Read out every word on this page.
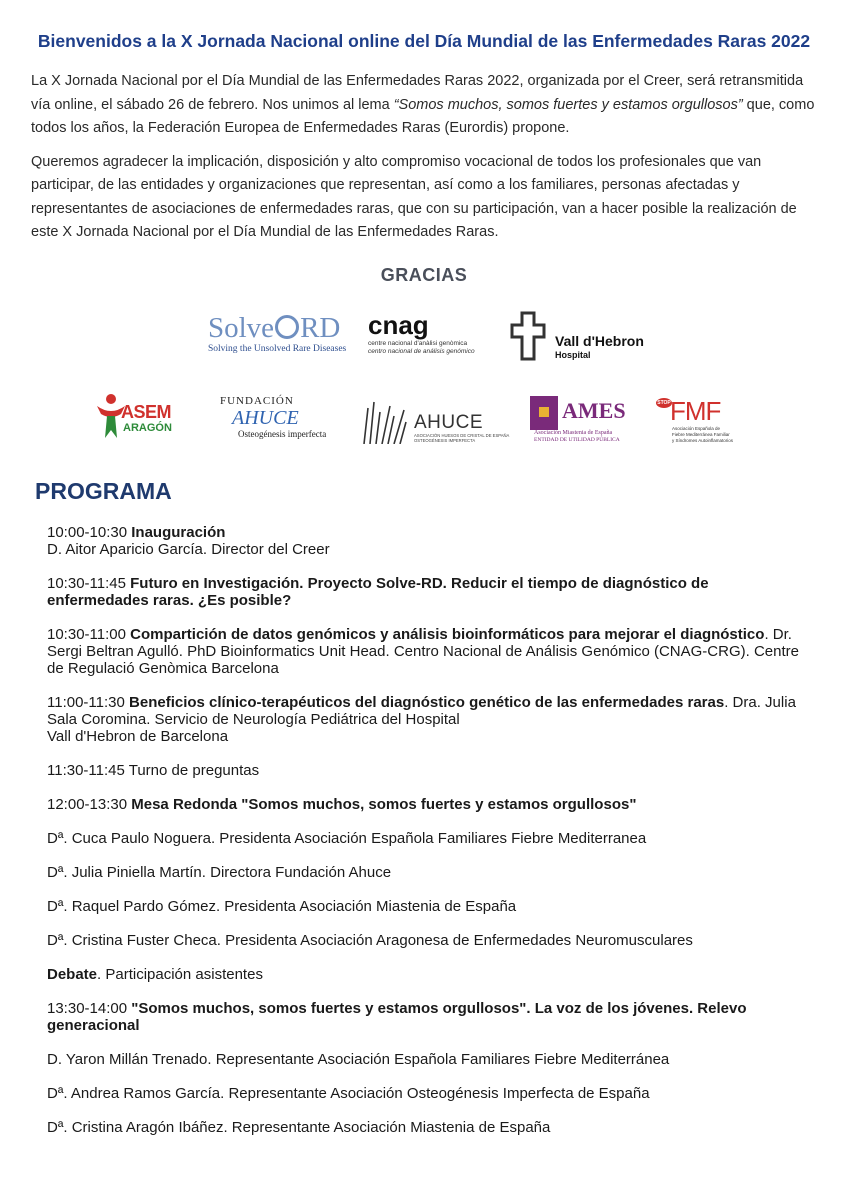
Bienvenidos a la X Jornada Nacional online del Día Mundial de las Enfermedades Raras 2022

La X Jornada Nacional por el Día Mundial de las Enfermedades Raras 2022, organizada por el Creer, será retransmitida vía online, el sábado 26 de febrero. Nos unimos al lema “Somos muchos, somos fuertes y estamos orgullosos” que, como todos los años, la Federación Europea de Enfermedades Raras (Eurordis) propone.

Queremos agradecer la implicación, disposición y alto compromiso vocacional de todos los profesionales que van participar, de las entidades y organizaciones que representan, así como a los familiares, personas afectadas y representantes de asociaciones de enfermedades raras, que con su participación, van a hacer posible la realización de este X Jornada Nacional por el Día Mundial de las Enfermedades Raras.

GRACIAS
Solve RD
Solving the Unsolved Rare Diseases
cnag
centre nacional d'anàlisi genòmica
centro nacional de análisis genómico
Vall d'Hebron
Hospital
ASEM
ARAGÓN
FUNDACIÓN
AHUCE
Osteogénesis imperfecta
AHUCE
ASOCIACIÓN HUESOS DE CRISTAL DE ESPAÑA
OSTEOGÉNESIS IMPERFECTA
AMES
Asociación Miastenia de España
ENTIDAD DE UTILIDAD PÚBLICA
STOP FMF
Asociación Española de
Fiebre Mediterránea Familiar
y Síndromes Autoinflamatorios
PROGRAMA
10:00-10:30 Inauguración
D. Aitor Aparicio García. Director del Creer
10:30-11:45 Futuro en Investigación. Proyecto Solve-RD. Reducir el tiempo de diagnóstico de enfermedades raras. ¿Es posible?
10:30-11:00 Compartición de datos genómicos y análisis bioinformáticos para mejorar el diagnóstico. Dr. Sergi Beltran Agulló. PhD Bioinformatics Unit Head. Centro Nacional de Análisis Genómico (CNAG-CRG). Centre de Regulació Genòmica Barcelona
11:00-11:30 Beneficios clínico-terapéuticos del diagnóstico genético de las enfermedades raras. Dra. Julia Sala Coromina. Servicio de Neurología Pediátrica del Hospital
Vall d'Hebron de Barcelona
11:30-11:45 Turno de preguntas
12:00-13:30 Mesa Redonda "Somos muchos, somos fuertes y estamos orgullosos"
Dª. Cuca Paulo Noguera. Presidenta Asociación Española Familiares Fiebre Mediterranea
Dª. Julia Piniella Martín. Directora Fundación Ahuce
Dª. Raquel Pardo Gómez. Presidenta Asociación Miastenia de España
Dª. Cristina Fuster Checa. Presidenta Asociación Aragonesa de Enfermedades Neuromusculares
Debate. Participación asistentes
13:30-14:00 "Somos muchos, somos fuertes y estamos orgullosos". La voz de los jóvenes. Relevo generacional
D. Yaron Millán Trenado. Representante Asociación Española Familiares Fiebre Mediterránea
Dª. Andrea Ramos García. Representante Asociación Osteogénesis Imperfecta de España
Dª. Cristina Aragón Ibáñez. Representante Asociación Miastenia de España
